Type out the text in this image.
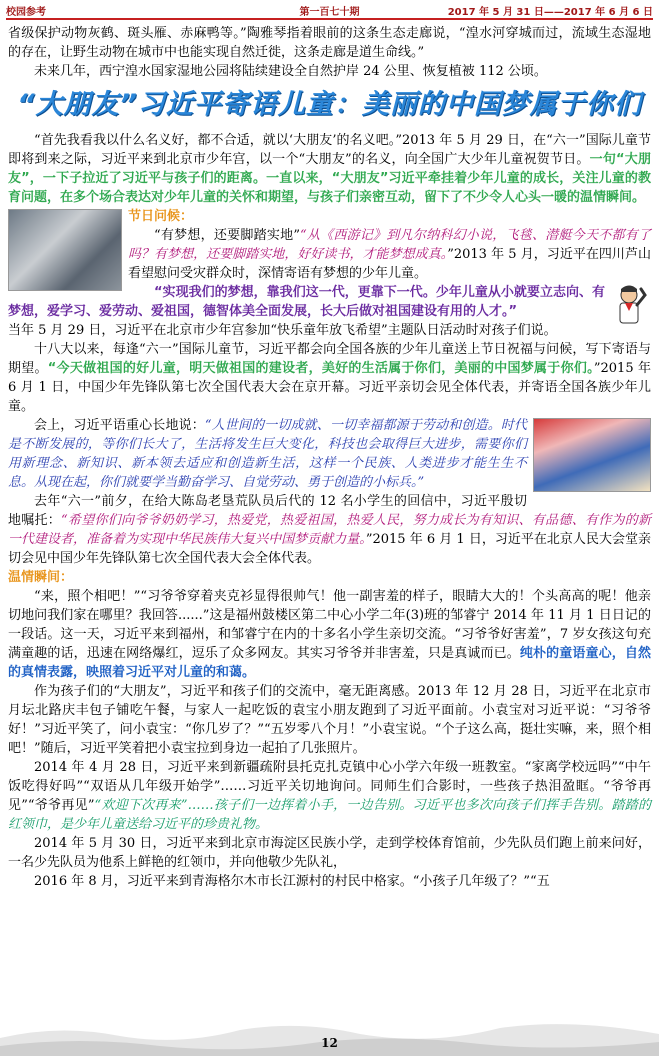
校园参考	第一百七十期	2017 年 5 月 31 日——2017 年 6 月 6 日

省级保护动物灰鹤、斑头雁、赤麻鸭等。”陶雅琴指着眼前的这条生态走廊说，“湟水河穿城而过，流域生态湿地的存在，让野生动物在城市中也能实现自然迁徙，这条走廊是道生命线。”

未来几年，西宁湟水国家湿地公园将陆续建设全自然护岸 24 公里、恢复植被 112 公顷。

“大朋友”习近平寄语儿童：美丽的中国梦属于你们

“首先我看我以什么名义好，都不合适，就以‘大朋友’的名义吧。”2013 年 5 月 29 日，在“六一”国际儿童节即将到来之际，习近平来到北京市少年宫，以一个“大朋友”的名义，向全国广大少年儿童祝贺节日。一句“大朋友”，一下子拉近了习近平与孩子们的距离。一直以来，“大朋友”习近平牵挂着少年儿童的成长，关注儿童的教育问题，在多个场合表达对少年儿童的关怀和期望，与孩子们亲密互动，留下了不少令人心头一暖的温情瞬间。

节日问候：

“有梦想，还要脚踏实地”“从《西游记》到凡尔纳科幻小说，飞毯、潜艇今天不都有了吗？有梦想，还要脚踏实地，好好读书，才能梦想成真。”2013 年 5 月，习近平在四川芦山看望慰问受灾群众时，深情寄语有梦想的少年儿童。

“实现我们的梦想，靠我们这一代，更靠下一代。少年儿童从小就要立志向、有梦想，爱学习、爱劳动、爱祖国，德智体美全面发展，长大后做对祖国建设有用的人才。”

当年 5 月 29 日，习近平在北京市少年宫参加“快乐童年放飞希望”主题队日活动时对孩子们说。

十八大以来，每逢“六一”国际儿童节，习近平都会向全国各族的少年儿童送上节日祝福与问候，写下寄语与期望。“今天做祖国的好儿童，明天做祖国的建设者，美好的生活属于你们，美丽的中国梦属于你们。”2015 年 6 月 1 日，中国少年先锋队第七次全国代表大会在京开幕。习近平亲切会见全体代表，并寄语全国各族少年儿童。

会上，习近平语重心长地说：“人世间的一切成就、一切幸福都源于劳动和创造。时代是不断发展的，等你们长大了，生活将发生巨大变化，科技也会取得巨大进步，需要你们用新理念、新知识、新本领去适应和创造新生活，这样一个民族、人类进步才能生生不息。从现在起，你们就要学当勤奋学习、自觉劳动、勇于创造的小标兵。”

去年“六一”前夕，在给大陈岛老垦荒队员后代的 12 名小学生的回信中，习近平殷切地嘱托：“希望你们向爷爷奶奶学习，热爱党，热爱祖国，热爱人民，努力成长为有知识、有品德、有作为的新一代建设者，准备着为实现中华民族伟大复兴中国梦贡献力量。”2015 年 6 月 1 日，习近平在北京人民大会堂亲切会见中国少年先锋队第七次全国代表大会全体代表。

温情瞬间：

“来，照个相吧！”“习爷爷穿着夹克衫显得很帅气！他一副害羞的样子，眼睛大大的！个头高高的呢！他亲切地问我们家在哪里？我回答......”这是福州鼓楼区第二中心小学二年(3)班的邹睿宁 2014 年 11 月 1 日日记的一段话。这一天，习近平来到福州，和邹睿宁在内的十多名小学生亲切交流。“习爷爷好害羞”，7 岁女孩这句充满童趣的话，迅速在网络爆红，逗乐了众多网友。其实习爷爷并非害羞，只是真诚而已。纯朴的童语童心，自然的真情表露，映照着习近平对儿童的和蔼。

作为孩子们的“大朋友”，习近平和孩子们的交流中，毫无距离感。2013 年 12 月 28 日，习近平在北京市月坛北路庆丰包子铺吃午餐，与家人一起吃饭的袁宝小朋友跑到了习近平面前。小袁宝对习近平说：“习爷爷好！”习近平笑了，问小袁宝：“你几岁了？”“五岁零八个月！”小袁宝说。“个子这么高，挺壮实嘛，来，照个相吧！”随后，习近平笑着把小袁宝拉到身边一起拍了几张照片。

2014 年 4 月 28 日，习近平来到新疆疏附县托克扎克镇中心小学六年级一班教室。“家离学校远吗”“中午饭吃得好吗”“双语从几年级开始学”……习近平关切地询问。同师生们合影时，一些孩子热泪盈眶。“爷爷再见”“爷爷再见”“欢迎下次再来”……孩子们一边挥着小手，一边告别。习近平也多次向孩子们挥手告别。踏踏的红领巾，是少年儿童送给习近平的珍贵礼物。

2014 年 5 月 30 日，习近平来到北京市海淀区民族小学，走到学校体育馆前，少先队员们跑上前来问好，一名少先队员为他系上鲜艳的红领巾，并向他敬少先队礼，

2016 年 8 月，习近平来到青海格尔木市长江源村的村民中格家。“小孩子几年级了？”“五

12
